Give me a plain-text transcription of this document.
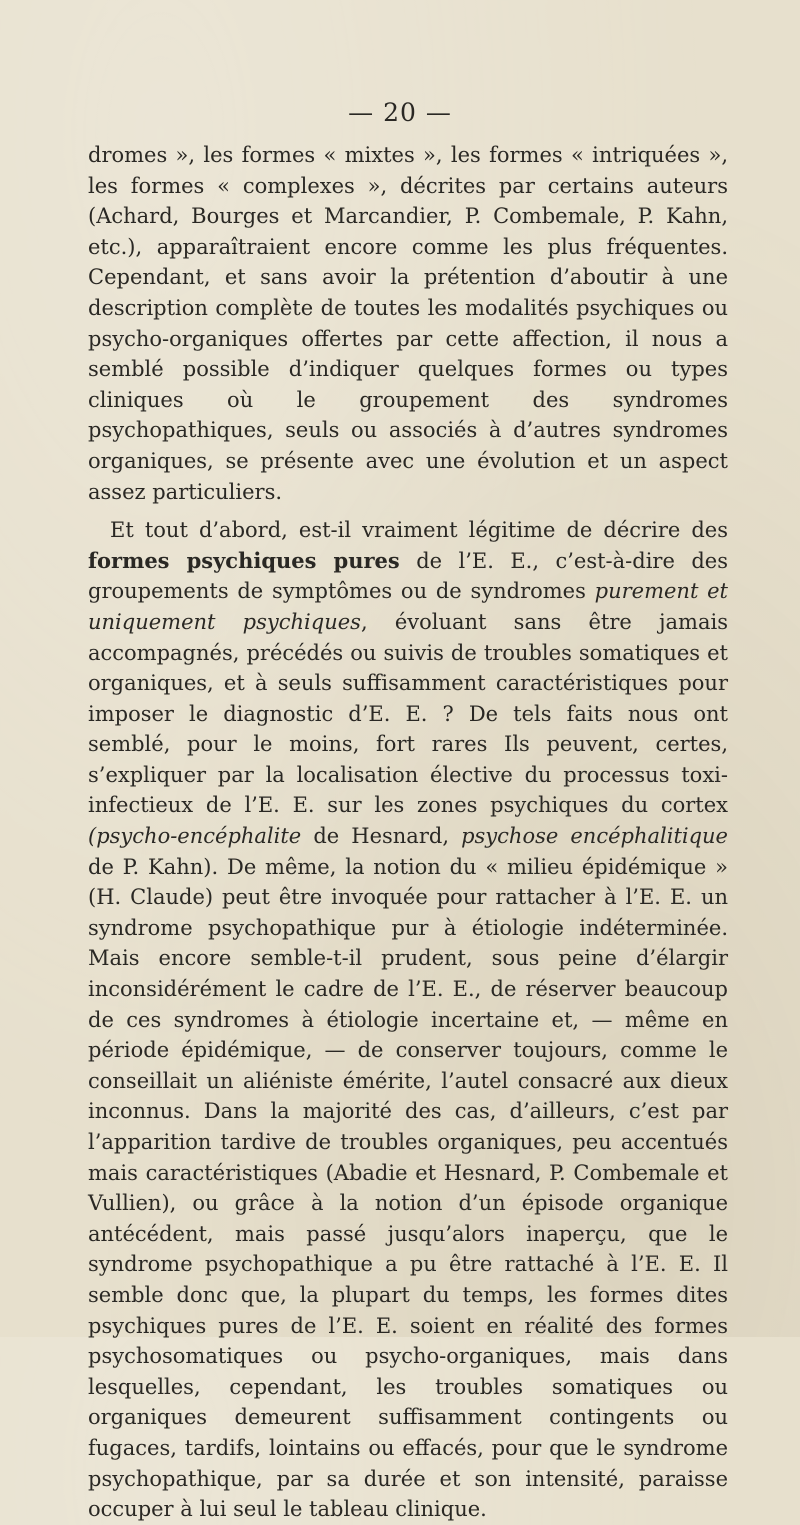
— 20 —

dromes », les formes « mixtes », les formes « intriquées », les formes « complexes », décrites par certains auteurs (Achard, Bourges et Marcandier, P. Combemale, P. Kahn, etc.), apparaîtraient encore comme les plus fréquentes. Cependant, et sans avoir la prétention d’aboutir à une description complète de toutes les modalités psychiques ou psycho-organiques offertes par cette affection, il nous a semblé possible d’indiquer quelques formes ou types cliniques où le groupement des syndromes psychopathiques, seuls ou associés à d’autres syndromes organiques, se présente avec une évolution et un aspect assez particuliers.

Et tout d’abord, est-il vraiment légitime de décrire des formes psychiques pures de l’E. E., c’est-à-dire des groupements de symptômes ou de syndromes purement et uniquement psychiques, évoluant sans être jamais accompagnés, précédés ou suivis de troubles somatiques et organiques, et à seuls suffisamment caractéristiques pour imposer le diagnostic d’E. E. ? De tels faits nous ont semblé, pour le moins, fort rares Ils peuvent, certes, s’expliquer par la localisation élective du processus toxi-infectieux de l’E. E. sur les zones psychiques du cortex (psycho-encéphalite de Hesnard, psychose encéphalitique de P. Kahn). De même, la notion du « milieu épidémique » (H. Claude) peut être invoquée pour rattacher à l’E. E. un syndrome psychopathique pur à étiologie indéterminée. Mais encore semble-t-il prudent, sous peine d’élargir inconsidérément le cadre de l’E. E., de réserver beaucoup de ces syndromes à étiologie incertaine et, — même en période épidémique, — de conserver toujours, comme le conseillait un aliéniste émérite, l’autel consacré aux dieux inconnus. Dans la majorité des cas, d’ailleurs, c’est par l’apparition tardive de troubles organiques, peu accentués mais caractéristiques (Abadie et Hesnard, P. Combemale et Vullien), ou grâce à la notion d’un épisode organique antécédent, mais passé jusqu’alors inaperçu, que le syndrome psychopathique a pu être rattaché à l’E. E. Il semble donc que, la plupart du temps, les formes dites psychiques pures de l’E. E. soient en réalité des formes psychosomatiques ou psycho-organiques, mais dans lesquelles, cependant, les troubles somatiques ou organiques demeurent suffisamment contingents ou fugaces, tardifs, lointains ou effacés, pour que le syndrome psychopathique, par sa durée et son intensité, paraisse occuper à lui seul le tableau clinique.
